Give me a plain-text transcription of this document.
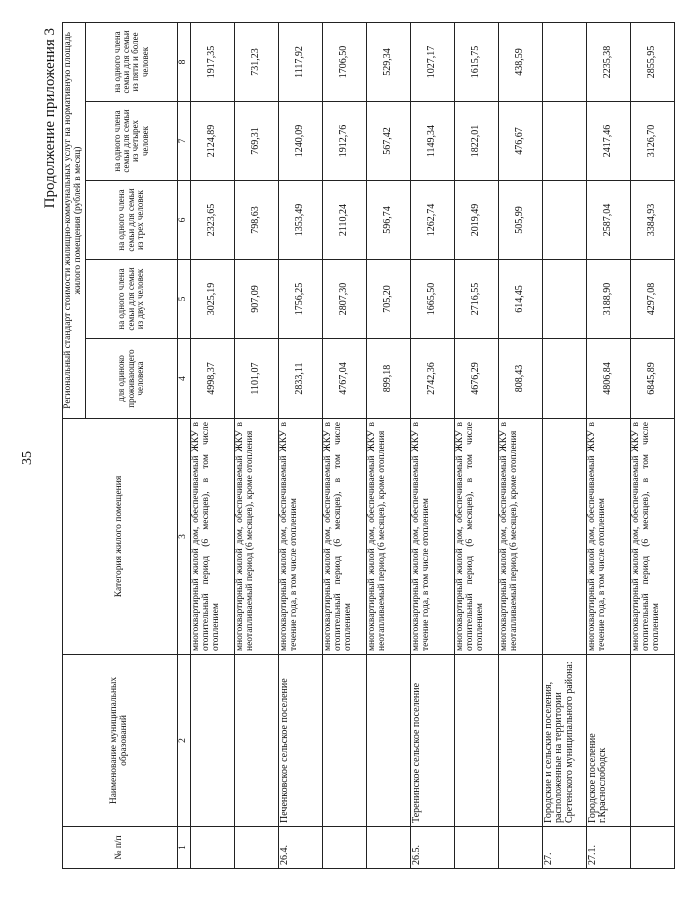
35
Продолжение приложения 3
№ п/п	Наименование муниципальных образований	Категория жилого помещения	Региональный стандарт стоимости жилищно-коммунальных услуг на нормативную площадь жилого помещения (рублей в месяц)				
			для одиноко проживающего человека	на одного члена семьи для семьи из двух человек	на одного члена семьи для семьи из трех человек	на одного члена семьи для семьи из четырех человек	на одного члена семьи для семьи из пяти и более человек
1	2	3	4	5	6	7	8
		многоквартирный жилой дом, обеспечиваемый ЖКУ в отопительный период (6 месяцев), в том числе отоплением	4998,37	3025,19	2323,65	2124,89	1917,35
		многоквартирный жилой дом, обеспечиваемый ЖКУ в неотапливаемый период (6 месяцев), кроме отопления	1101,07	907,09	798,63	769,31	731,23
26.4.	Печенковское сельское поселение	многоквартирный жилой дом, обеспечиваемый ЖКУ в течение года, в том числе отоплением	2833,11	1756,25	1353,49	1240,09	1117,92
		многоквартирный жилой дом, обеспечиваемый ЖКУ в отопительный период (6 месяцев), в том числе отоплением	4767,04	2807,30	2110,24	1912,76	1706,50
		многоквартирный жилой дом, обеспечиваемый ЖКУ в неотапливаемый период (6 месяцев), кроме отопления	899,18	705,20	596,74	567,42	529,34
26.5.	Теренинское сельское поселение	многоквартирный жилой дом, обеспечиваемый ЖКУ в течение года, в том числе отоплением	2742,36	1665,50	1262,74	1149,34	1027,17
		многоквартирный жилой дом, обеспечиваемый ЖКУ в отопительный период (6 месяцев), в том числе отоплением	4676,29	2716,55	2019,49	1822,01	1615,75
		многоквартирный жилой дом, обеспечиваемый ЖКУ в неотапливаемый период (6 месяцев), кроме отопления	808,43	614,45	505,99	476,67	438,59
27.	Городские и сельские поселения, расположенные на территории Сретенского муниципального района:						
27.1.	Городское поселение г.Краснослободск	многоквартирный жилой дом, обеспечиваемый ЖКУ в течение года, в том числе отоплением	4806,84	3188,90	2587,04	2417,46	2235,38
		многоквартирный жилой дом, обеспечиваемый ЖКУ в отопительный период (6 месяцев), в том числе отоплением	6845,89	4297,08	3384,93	3126,70	2855,95
